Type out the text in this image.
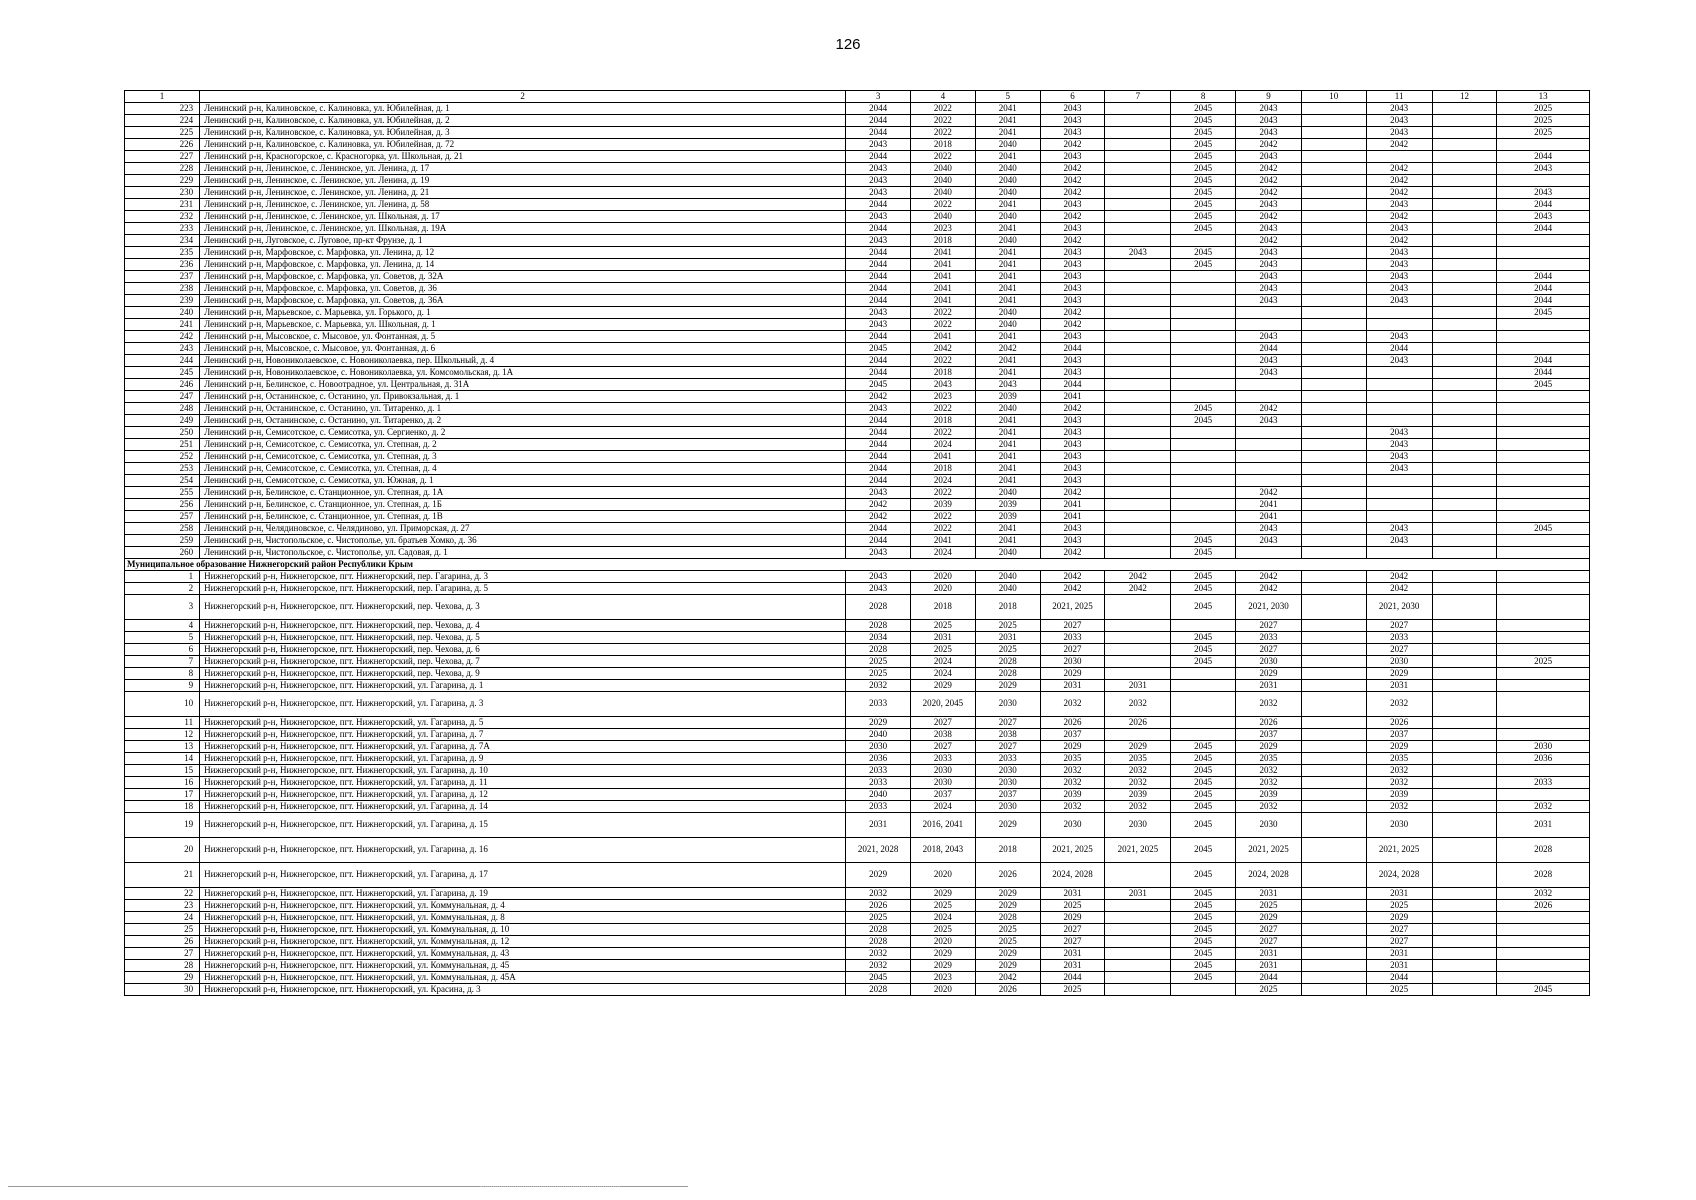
126
1	2	3	4	5	6	7	8	9	10	11	12	13
223	Ленинский р-н, Калиновское, с. Калиновка, ул. Юбилейная, д. 1	2044	2022	2041	2043		2045	2043		2043		2025
224	Ленинский р-н, Калиновское, с. Калиновка, ул. Юбилейная, д. 2	2044	2022	2041	2043		2045	2043		2043		2025
225	Ленинский р-н, Калиновское, с. Калиновка, ул. Юбилейная, д. 3	2044	2022	2041	2043		2045	2043		2043		2025
226	Ленинский р-н, Калиновское, с. Калиновка, ул. Юбилейная, д. 72	2043	2018	2040	2042		2045	2042		2042		
227	Ленинский р-н, Красногорское, с. Красногорка, ул. Школьная, д. 21	2044	2022	2041	2043		2045	2043				2044
228	Ленинский р-н, Ленинское, с. Ленинское, ул. Ленина, д. 17	2043	2040	2040	2042		2045	2042		2042		2043
229	Ленинский р-н, Ленинское, с. Ленинское, ул. Ленина, д. 19	2043	2040	2040	2042		2045	2042		2042		
230	Ленинский р-н, Ленинское, с. Ленинское, ул. Ленина, д. 21	2043	2040	2040	2042		2045	2042		2042		2043
231	Ленинский р-н, Ленинское, с. Ленинское, ул. Ленина, д. 58	2044	2022	2041	2043		2045	2043		2043		2044
232	Ленинский р-н, Ленинское, с. Ленинское, ул. Школьная, д. 17	2043	2040	2040	2042		2045	2042		2042		2043
233	Ленинский р-н, Ленинское, с. Ленинское, ул. Школьная, д. 19А	2044	2023	2041	2043		2045	2043		2043		2044
234	Ленинский р-н, Луговское, с. Луговое, пр-кт Фрунзе, д. 1	2043	2018	2040	2042			2042		2042		
235	Ленинский р-н, Марфовское, с. Марфовка, ул. Ленина, д. 12	2044	2041	2041	2043	2043	2045	2043		2043		
236	Ленинский р-н, Марфовское, с. Марфовка, ул. Ленина, д. 14	2044	2041	2041	2043		2045	2043		2043		
237	Ленинский р-н, Марфовское, с. Марфовка, ул. Советов, д. 32А	2044	2041	2041	2043			2043		2043		2044
238	Ленинский р-н, Марфовское, с. Марфовка, ул. Советов, д. 36	2044	2041	2041	2043			2043		2043		2044
239	Ленинский р-н, Марфовское, с. Марфовка, ул. Советов, д. 36А	2044	2041	2041	2043			2043		2043		2044
240	Ленинский р-н, Марьевское, с. Марьевка, ул. Горького, д. 1	2043	2022	2040	2042							2045
241	Ленинский р-н, Марьевское, с. Марьевка, ул. Школьная, д. 1	2043	2022	2040	2042							
242	Ленинский р-н, Мысовское, с. Мысовое, ул. Фонтанная, д. 5	2044	2041	2041	2043			2043		2043		
243	Ленинский р-н, Мысовское, с. Мысовое, ул. Фонтанная, д. 6	2045	2042	2042	2044			2044		2044		
244	Ленинский р-н, Новониколаевское, с. Новониколаевка, пер. Школьный, д. 4	2044	2022	2041	2043			2043		2043		2044
245	Ленинский р-н, Новониколаевское, с. Новониколаевка, ул. Комсомольская, д. 1А	2044	2018	2041	2043			2043				2044
246	Ленинский р-н, Белинское, с. Новоотрадное, ул. Центральная, д. 31А	2045	2043	2043	2044							2045
247	Ленинский р-н, Останинское, с. Останино, ул. Привокзальная, д. 1	2042	2023	2039	2041							
248	Ленинский р-н, Останинское, с. Останино, ул. Титаренко, д. 1	2043	2022	2040	2042		2045	2042				
249	Ленинский р-н, Останинское, с. Останино, ул. Титаренко, д. 2	2044	2018	2041	2043		2045	2043				
250	Ленинский р-н, Семисотское, с. Семисотка, ул. Сергиенко, д. 2	2044	2022	2041	2043					2043		
251	Ленинский р-н, Семисотское, с. Семисотка, ул. Степная, д. 2	2044	2024	2041	2043					2043		
252	Ленинский р-н, Семисотское, с. Семисотка, ул. Степная, д. 3	2044	2041	2041	2043					2043		
253	Ленинский р-н, Семисотское, с. Семисотка, ул. Степная, д. 4	2044	2018	2041	2043					2043		
254	Ленинский р-н, Семисотское, с. Семисотка, ул. Южная, д. 1	2044	2024	2041	2043							
255	Ленинский р-н, Белинское, с. Станционное, ул. Степная, д. 1А	2043	2022	2040	2042			2042				
256	Ленинский р-н, Белинское, с. Станционное, ул. Степная, д. 1Б	2042	2039	2039	2041			2041				
257	Ленинский р-н, Белинское, с. Станционное, ул. Степная, д. 1В	2042	2022	2039	2041			2041				
258	Ленинский р-н, Челядиновское, с. Челядиново, ул. Приморская, д. 27	2044	2022	2041	2043			2043		2043		2045
259	Ленинский р-н, Чистопольское, с. Чистополье, ул. братьев Хомко, д. 36	2044	2041	2041	2043		2045	2043		2043		
260	Ленинский р-н, Чистопольское, с. Чистополье, ул. Садовая, д. 1	2043	2024	2040	2042		2045					
Муниципальное образование Нижнегорский район Республики Крым												
1	Нижнегорский р-н, Нижнегорское, пгт. Нижнегорский, пер. Гагарина, д. 3	2043	2020	2040	2042	2042	2045	2042		2042		
2	Нижнегорский р-н, Нижнегорское, пгт. Нижнегорский, пер. Гагарина, д. 5	2043	2020	2040	2042	2042	2045	2042		2042		
3	Нижнегорский р-н, Нижнегорское, пгт. Нижнегорский, пер. Чехова, д. 3	2028	2018	2018	2021, 2025		2045	2021, 2030		2021, 2030		
4	Нижнегорский р-н, Нижнегорское, пгт. Нижнегорский, пер. Чехова, д. 4	2028	2025	2025	2027			2027		2027		
5	Нижнегорский р-н, Нижнегорское, пгт. Нижнегорский, пер. Чехова, д. 5	2034	2031	2031	2033		2045	2033		2033		
6	Нижнегорский р-н, Нижнегорское, пгт. Нижнегорский, пер. Чехова, д. 6	2028	2025	2025	2027		2045	2027		2027		
7	Нижнегорский р-н, Нижнегорское, пгт. Нижнегорский, пер. Чехова, д. 7	2025	2024	2028	2030		2045	2030		2030		2025
8	Нижнегорский р-н, Нижнегорское, пгт. Нижнегорский, пер. Чехова, д. 9	2025	2024	2028	2029			2029		2029		
9	Нижнегорский р-н, Нижнегорское, пгт. Нижнегорский, ул. Гагарина, д. 1	2032	2029	2029	2031	2031		2031		2031		
10	Нижнегорский р-н, Нижнегорское, пгт. Нижнегорский, ул. Гагарина, д. 3	2033	2020, 2045	2030	2032	2032		2032		2032		
11	Нижнегорский р-н, Нижнегорское, пгт. Нижнегорский, ул. Гагарина, д. 5	2029	2027	2027	2026	2026		2026		2026		
12	Нижнегорский р-н, Нижнегорское, пгт. Нижнегорский, ул. Гагарина, д. 7	2040	2038	2038	2037			2037		2037		
13	Нижнегорский р-н, Нижнегорское, пгт. Нижнегорский, ул. Гагарина, д. 7А	2030	2027	2027	2029	2029	2045	2029		2029		2030
14	Нижнегорский р-н, Нижнегорское, пгт. Нижнегорский, ул. Гагарина, д. 9	2036	2033	2033	2035	2035	2045	2035		2035		2036
15	Нижнегорский р-н, Нижнегорское, пгт. Нижнегорский, ул. Гагарина, д. 10	2033	2030	2030	2032	2032	2045	2032		2032		
16	Нижнегорский р-н, Нижнегорское, пгт. Нижнегорский, ул. Гагарина, д. 11	2033	2030	2030	2032	2032	2045	2032		2032		2033
17	Нижнегорский р-н, Нижнегорское, пгт. Нижнегорский, ул. Гагарина, д. 12	2040	2037	2037	2039	2039	2045	2039		2039		
18	Нижнегорский р-н, Нижнегорское, пгт. Нижнегорский, ул. Гагарина, д. 14	2033	2024	2030	2032	2032	2045	2032		2032		2032
19	Нижнегорский р-н, Нижнегорское, пгт. Нижнегорский, ул. Гагарина, д. 15	2031	2016, 2041	2029	2030	2030	2045	2030		2030		2031
20	Нижнегорский р-н, Нижнегорское, пгт. Нижнегорский, ул. Гагарина, д. 16	2021, 2028	2018, 2043	2018	2021, 2025	2021, 2025	2045	2021, 2025		2021, 2025		2028
21	Нижнегорский р-н, Нижнегорское, пгт. Нижнегорский, ул. Гагарина, д. 17	2029	2020	2026	2024, 2028		2045	2024, 2028		2024, 2028		2028
22	Нижнегорский р-н, Нижнегорское, пгт. Нижнегорский, ул. Гагарина, д. 19	2032	2029	2029	2031	2031	2045	2031		2031		2032
23	Нижнегорский р-н, Нижнегорское, пгт. Нижнегорский, ул. Коммунальная, д. 4	2026	2025	2029	2025		2045	2025		2025		2026
24	Нижнегорский р-н, Нижнегорское, пгт. Нижнегорский, ул. Коммунальная, д. 8	2025	2024	2028	2029		2045	2029		2029		
25	Нижнегорский р-н, Нижнегорское, пгт. Нижнегорский, ул. Коммунальная, д. 10	2028	2025	2025	2027		2045	2027		2027		
26	Нижнегорский р-н, Нижнегорское, пгт. Нижнегорский, ул. Коммунальная, д. 12	2028	2020	2025	2027		2045	2027		2027		
27	Нижнегорский р-н, Нижнегорское, пгт. Нижнегорский, ул. Коммунальная, д. 43	2032	2029	2029	2031		2045	2031		2031		
28	Нижнегорский р-н, Нижнегорское, пгт. Нижнегорский, ул. Коммунальная, д. 45	2032	2029	2029	2031		2045	2031		2031		
29	Нижнегорский р-н, Нижнегорское, пгт. Нижнегорский, ул. Коммунальная, д. 45А	2045	2023	2042	2044		2045	2044		2044		
30	Нижнегорский р-н, Нижнегорское, пгт. Нижнегорский, ул. Красина, д. 3	2028	2020	2026	2025			2025		2025		2045
